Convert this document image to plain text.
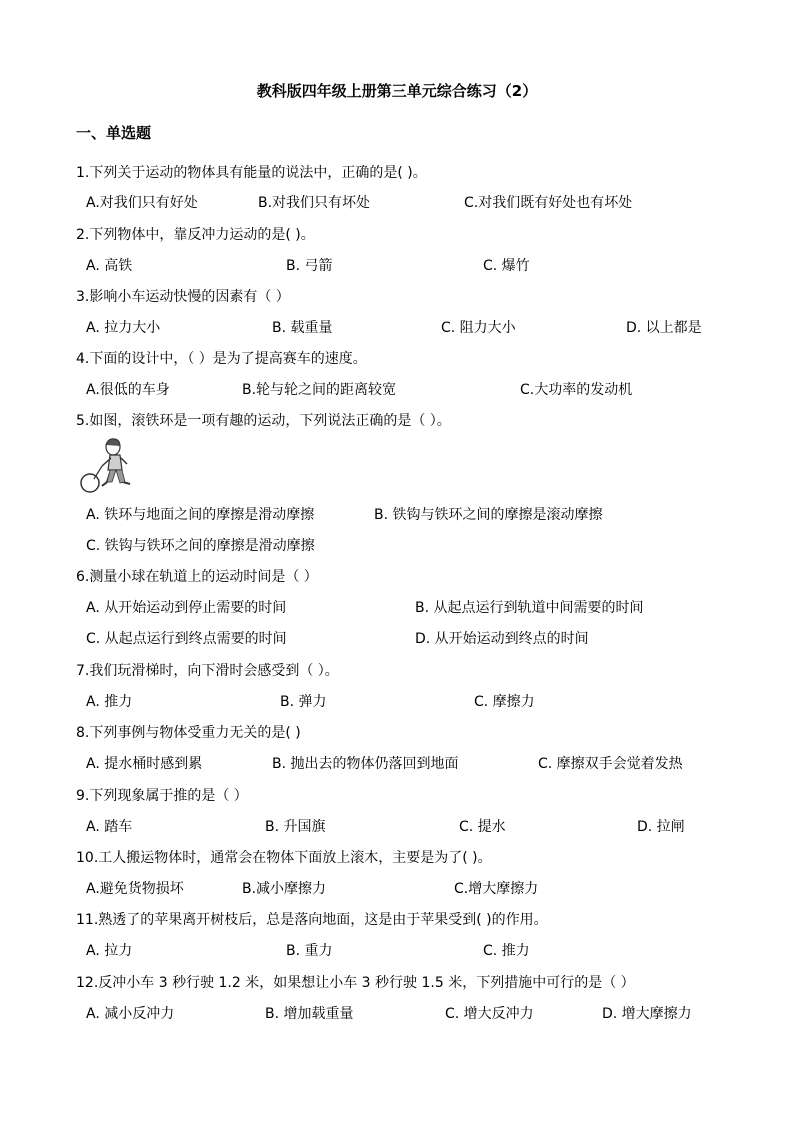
教科版四年级上册第三单元综合练习（2）
一、单选题
1.下列关于运动的物体具有能量的说法中，正确的是( )。
A.对我们只有好处	B.对我们只有坏处	C.对我们既有好处也有坏处
2.下列物体中，靠反冲力运动的是( )。
A. 高铁	B. 弓箭	C. 爆竹
3.影响小车运动快慢的因素有（ ）
A. 拉力大小	B. 载重量	C. 阻力大小	D. 以上都是
4.下面的设计中，（ ）是为了提高赛车的速度。
A.很低的车身	B.轮与轮之间的距离较宽	C.大功率的发动机
5.如图，滚铁环是一项有趣的运动，下列说法正确的是（ ）。
A. 铁环与地面之间的摩擦是滑动摩擦	B. 铁钩与铁环之间的摩擦是滚动摩擦
C. 铁钩与铁环之间的摩擦是滑动摩擦
6.测量小球在轨道上的运动时间是（ ）
A. 从开始运动到停止需要的时间	B. 从起点运行到轨道中间需要的时间
C. 从起点运行到终点需要的时间	D. 从开始运动到终点的时间
7.我们玩滑梯时，向下滑时会感受到（ ）。
A. 推力	B. 弹力	C. 摩擦力
8.下列事例与物体受重力无关的是( )
A. 提水桶时感到累	B. 抛出去的物体仍落回到地面	C. 摩擦双手会觉着发热
9.下列现象属于推的是（ ）
A. 踏车	B. 升国旗	C. 提水	D. 拉闸
10.工人搬运物体时，通常会在物体下面放上滚木，主要是为了( )。
A.避免货物损坏	B.减小摩擦力	C.增大摩擦力
11.熟透了的苹果离开树枝后，总是落向地面，这是由于苹果受到( )的作用。
A. 拉力	B. 重力	C. 推力
12.反冲小车 3 秒行驶 1.2 米，如果想让小车 3 秒行驶 1.5 米，下列措施中可行的是（ ）
A. 减小反冲力	B. 增加载重量	C. 增大反冲力	D. 增大摩擦力
